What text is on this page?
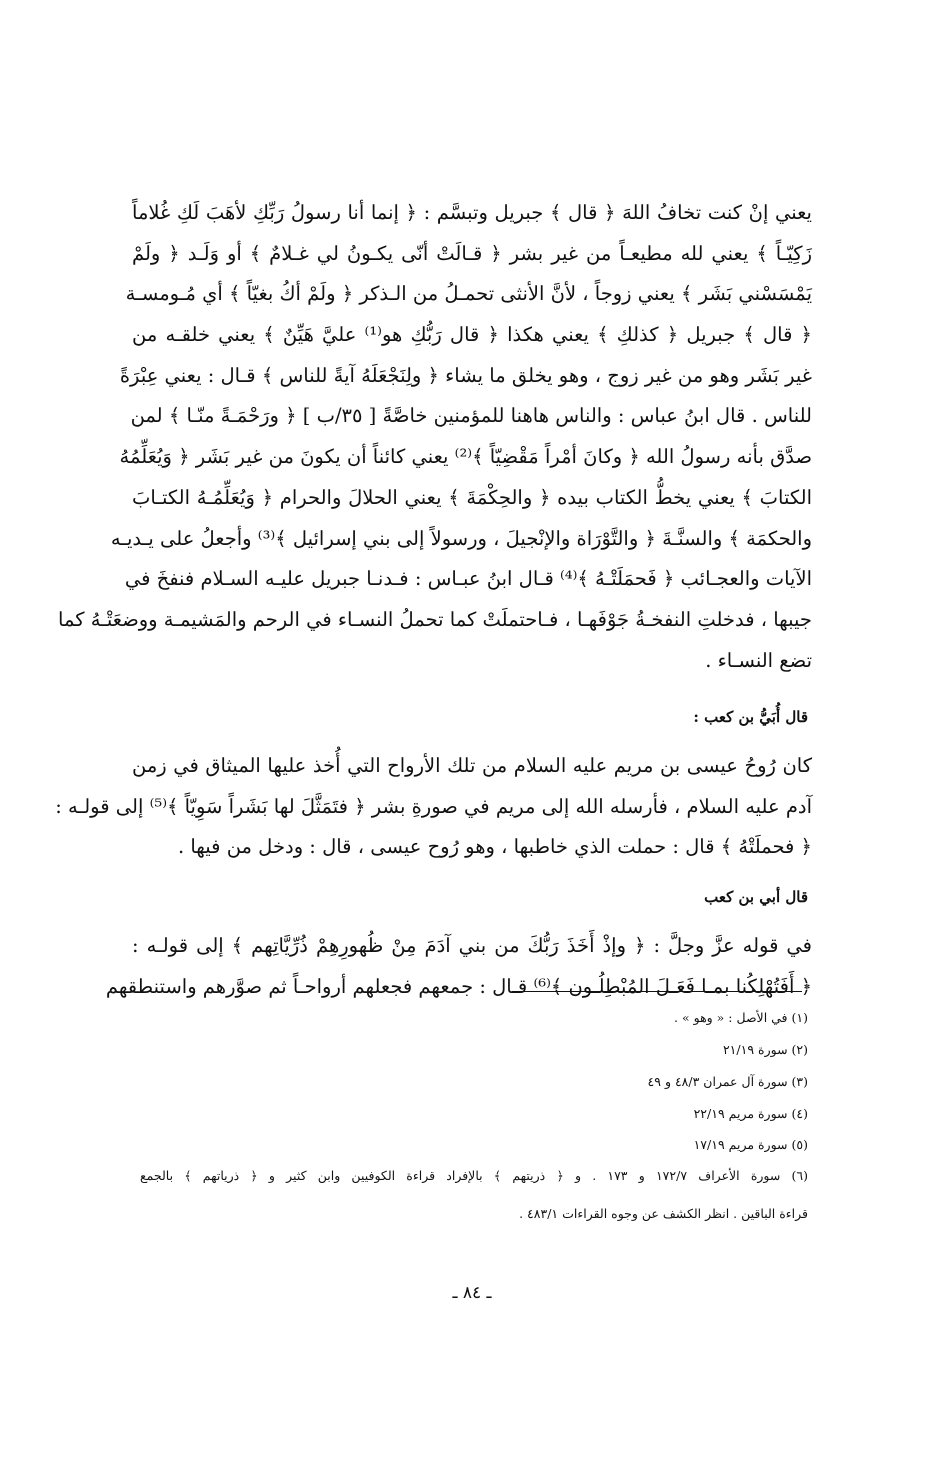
يعني إنْ كنت تخافُ اللهَ ﴿ قال ﴾ جبريل وتبسَّم : ﴿ إنما أنا رسولُ رَبِّكِ لأهَبَ لَكِ غُلاماً
زَكِيّـاً ﴾ يعني لله مطيعـاً من غير بشر ﴿ قـالَتْ أنّى يكـونُ لي غـلامٌ ﴾ أو وَلَـد ﴿ ولَمْ
يَمْسَسْني بَشَر ﴾ يعني زوجاً ، لأنَّ الأنثى تحمـلُ من الـذكر ﴿ ولَمْ أكُ بغيّاً ﴾ أي مُـومسـة
﴿ قال ﴾ جبريل ﴿ كذلكِ ﴾ يعني هكذا ﴿ قال رَبُّكِ هو⁽¹⁾ عليَّ هَيِّنٌ ﴾ يعني خلقـه من
غير بَشَر وهو من غير زوج ، وهو يخلق ما يشاء ﴿ ولِنَجْعَلَهُ آيةً للناس ﴾ قـال : يعني عِبْرَةً
للناس . قال ابنُ عباس : والناس هاهنا للمؤمنين خاصَّةً [ ٣٥/ب ] ﴿ ورَحْمَـةً منّـا ﴾ لمن
صدَّق بأنه رسولُ الله ﴿ وكانَ أمْراً مَقْضِيّاً ﴾⁽²⁾ يعني كائناً أن يكونَ من غير بَشَر ﴿ وَيُعَلِّمُهُ
الكتابَ ﴾ يعني يخطُّ الكتاب بيده ﴿ والحِكْمَةَ ﴾ يعني الحلالَ والحرام ﴿ وَيُعَلِّمُـهُ الكتـابَ
والحكمَة ﴾ والسنَّـةَ ﴿ والتَّوْرَاة والإنْجيلَ ، ورسولاً إلى بني إسرائيل ﴾⁽³⁾ وأجعلُ على يـديـه
الآيات والعجـائب ﴿ فَحمَلَتْـهُ ﴾⁽⁴⁾ قـال ابنُ عبـاس : فـدنـا جبريل عليـه السـلام فنفخَ في
جيبها ، فدخلتِ النفخـةُ جَوْفَهـا ، فـاحتملَتْ كما تحملُ النسـاء في الرحم والمَشيمـة ووضعَتْـهُ كما
تضع النسـاء .
قال أُبَيُّ بن كعب :
كان رُوحُ عيسى بن مريم عليه السلام من تلك الأرواح التي أُخذ عليها الميثاق في زمن
آدم عليه السلام ، فأرسله الله إلى مريم في صورةِ بشر ﴿ فتَمَثَّلَ لها بَشَراً سَوِيّاً ﴾⁽⁵⁾ إلى قولـه :
﴿ فحملَتْهُ ﴾ قال : حملت الذي خاطبها ، وهو رُوح عيسى ، قال : ودخل من فيها .
قال أبي بن كعب
في قوله عزَّ وجلَّ : ﴿ وإذْ أَخَذَ رَبُّكَ من بني آدَمَ مِنْ ظُهورِهِمْ ذُرِّيَّاتِهم ﴾ إلى قولـه :
﴿ أَفَتُهْلِكُنا بمـا فَعَـلَ المُبْطِلُـون ﴾⁽⁶⁾ قـال : جمعهم فجعلهم أرواحـاً ثم صوَّرهم واستنطقهم
(١) في الأصل : « وهو » .
(٢) سورة ٢١/١٩
(٣) سورة آل عمران ٤٨/٣ و ٤٩
(٤) سورة مريم ٢٢/١٩
(٥) سورة مريم ١٧/١٩
(٦) سورة الأعراف ١٧٢/٧ و ١٧٣ . و ﴿ ذريتهم ﴾ بالإفراد قراءة الكوفيين وابن كثير و ﴿ ذرياتهم ﴾ بالجمع
قراءة الباقين . انظر الكشف عن وجوه القراءات ٤٨٣/١ .
ـ ٨٤ ـ
